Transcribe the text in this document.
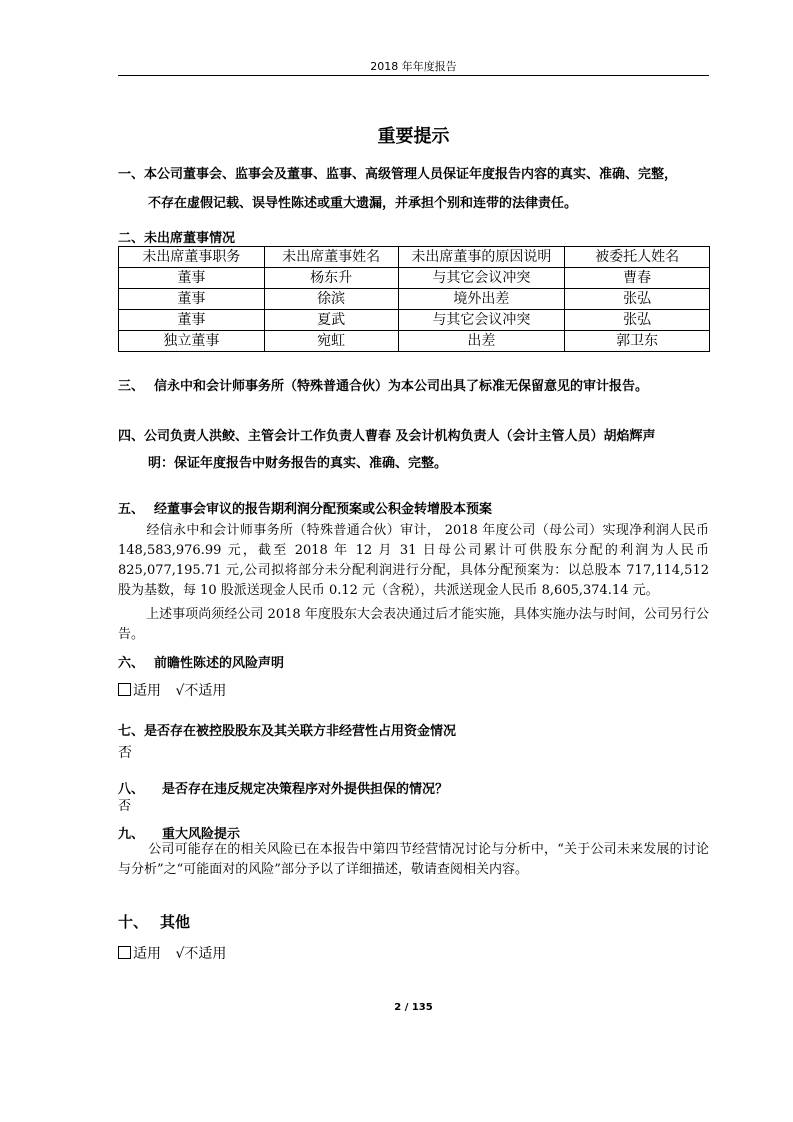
2018 年年度报告
重要提示
一、本公司董事会、监事会及董事、监事、高级管理人员保证年度报告内容的真实、准确、完整，
不存在虚假记载、误导性陈述或重大遗漏，并承担个别和连带的法律责任。
二、未出席董事情况
未出席董事职务	未出席董事姓名	未出席董事的原因说明	被委托人姓名
董事	杨东升	与其它会议冲突	曹春
董事	徐滨	境外出差	张弘
董事	夏武	与其它会议冲突	张弘
独立董事	宛虹	出差	郭卫东
三、 信永中和会计师事务所（特殊普通合伙）为本公司出具了标准无保留意见的审计报告。
四、公司负责人洪鲛、主管会计工作负责人曹春 及会计机构负责人（会计主管人员）胡焰辉声
明：保证年度报告中财务报告的真实、准确、完整。
五、 经董事会审议的报告期利润分配预案或公积金转增股本预案
经信永中和会计师事务所（特殊普通合伙）审计， 2018 年度公司（母公司）实现净利润人民币 148,583,976.99 元，截至 2018 年 12 月 31 日母公司累计可供股东分配的利润为人民币 825,077,195.71 元,公司拟将部分未分配利润进行分配，具体分配预案为：以总股本 717,114,512 股为基数，每 10 股派送现金人民币 0.12 元（含税），共派送现金人民币 8,605,374.14 元。
上述事项尚须经公司 2018 年度股东大会表决通过后才能实施，具体实施办法与时间，公司另行公告。
六、 前瞻性陈述的风险声明
适用 √不适用
七、是否存在被控股股东及其关联方非经营性占用资金情况
否
八、 是否存在违反规定决策程序对外提供担保的情况？
否
九、 重大风险提示
公司可能存在的相关风险已在本报告中第四节经营情况讨论与分析中，“关于公司未来发展的讨论与分析”之“可能面对的风险”部分予以了详细描述，敬请查阅相关内容。
十、 其他
适用 √不适用
2 / 135
